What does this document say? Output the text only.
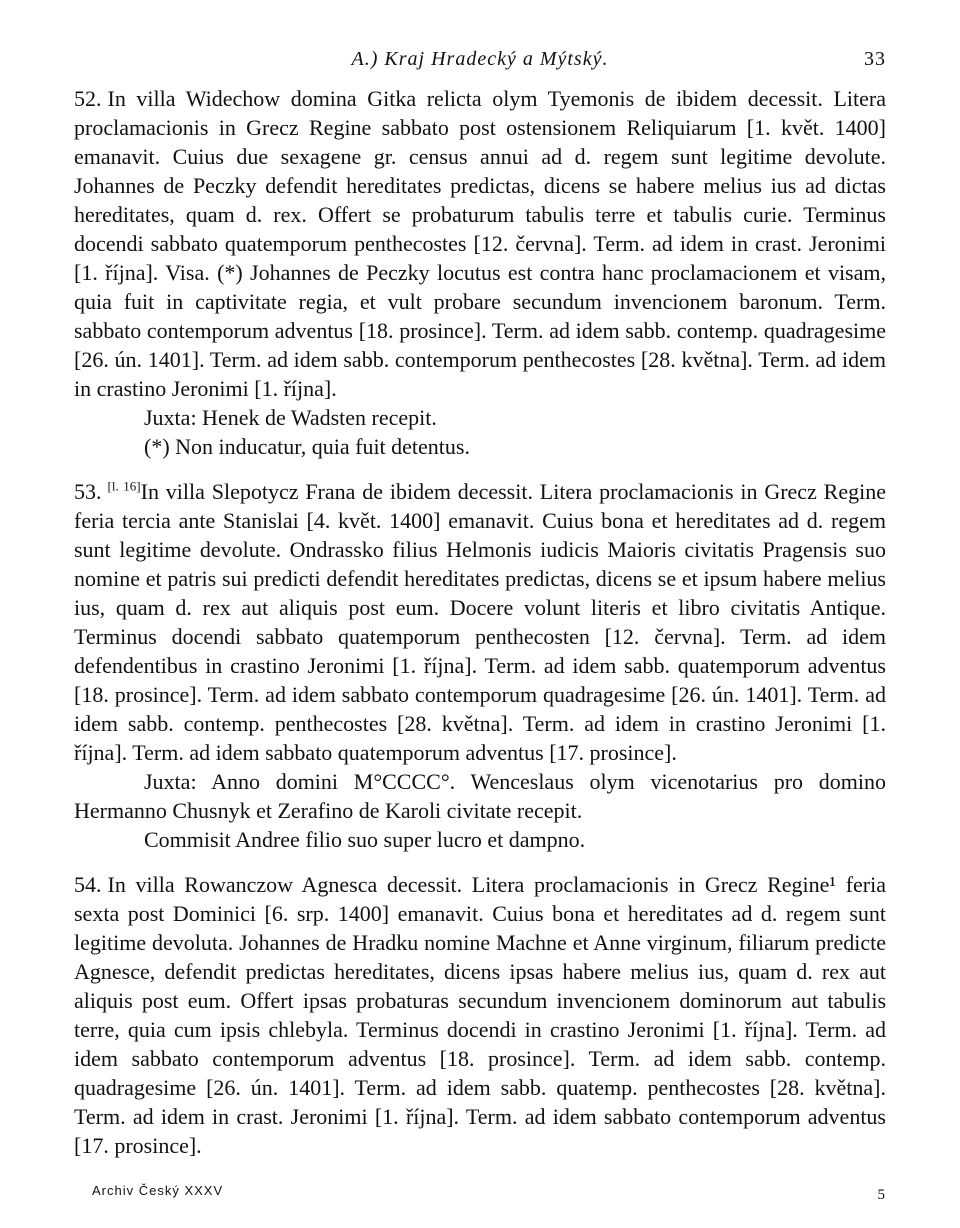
A.) Kraj Hradecký a Mýtský.	33

52. In villa Widechow domina Gitka relicta olym Tyemonis de ibidem decessit. Litera proclamacionis in Grecz Regine sabbato post ostensionem Reliquiarum [1. květ. 1400] emanavit. Cuius due sexagene gr. census annui ad d. regem sunt legitime devolute. Johannes de Peczky defendit hereditates predictas, dicens se habere melius ius ad dictas hereditates, quam d. rex. Offert se probaturum tabulis terre et tabulis curie. Terminus docendi sabbato quatemporum penthecostes [12. června]. Term. ad idem in crast. Jeronimi [1. října]. Visa. (*) Johannes de Peczky locutus est contra hanc proclamacionem et visam, quia fuit in captivitate regia, et vult probare secundum invencionem baronum. Term. sabbato contemporum adventus [18. prosince]. Term. ad idem sabb. contemp. quadragesime [26. ún. 1401]. Term. ad idem sabb. contemporum penthecostes [28. května]. Term. ad idem in crastino Jeronimi [1. října].

Juxta: Henek de Wadsten recepit.

(*) Non inducatur, quia fuit detentus.

53. [l. 16]In villa Slepotycz Frana de ibidem decessit. Litera proclamacionis in Grecz Regine feria tercia ante Stanislai [4. květ. 1400] emanavit. Cuius bona et hereditates ad d. regem sunt legitime devolute. Ondrassko filius Helmonis iudicis Maioris civitatis Pragensis suo nomine et patris sui predicti defendit hereditates predictas, dicens se et ipsum habere melius ius, quam d. rex aut aliquis post eum. Docere volunt literis et libro civitatis Antique. Terminus docendi sabbato quatemporum penthecosten [12. června]. Term. ad idem defendentibus in crastino Jeronimi [1. října]. Term. ad idem sabb. quatemporum adventus [18. prosince]. Term. ad idem sabbato contemporum quadragesime [26. ún. 1401]. Term. ad idem sabb. contemp. penthecostes [28. května]. Term. ad idem in crastino Jeronimi [1. října]. Term. ad idem sabbato quatemporum adventus [17. prosince].

Juxta: Anno domini M°CCCC°. Wenceslaus olym vicenotarius pro domino Hermanno Chusnyk et Zerafino de Karoli civitate recepit.

Commisit Andree filio suo super lucro et dampno.

54. In villa Rowanczow Agnesca decessit. Litera proclamacionis in Grecz Regine¹ feria sexta post Dominici [6. srp. 1400] emanavit. Cuius bona et hereditates ad d. regem sunt legitime devoluta. Johannes de Hradku nomine Machne et Anne virginum, filiarum predicte Agnesce, defendit predictas hereditates, dicens ipsas habere melius ius, quam d. rex aut aliquis post eum. Offert ipsas probaturas secundum invencionem dominorum aut tabulis terre, quia cum ipsis chlebyla. Terminus docendi in crastino Jeronimi [1. října]. Term. ad idem sabbato contemporum adventus [18. prosince]. Term. ad idem sabb. contemp. quadragesime [26. ún. 1401]. Term. ad idem sabb. quatemp. penthecostes [28. května]. Term. ad idem in crast. Jeronimi [1. října]. Term. ad idem sabbato contemporum adventus [17. prosince].

Archiv Český XXXV	5
